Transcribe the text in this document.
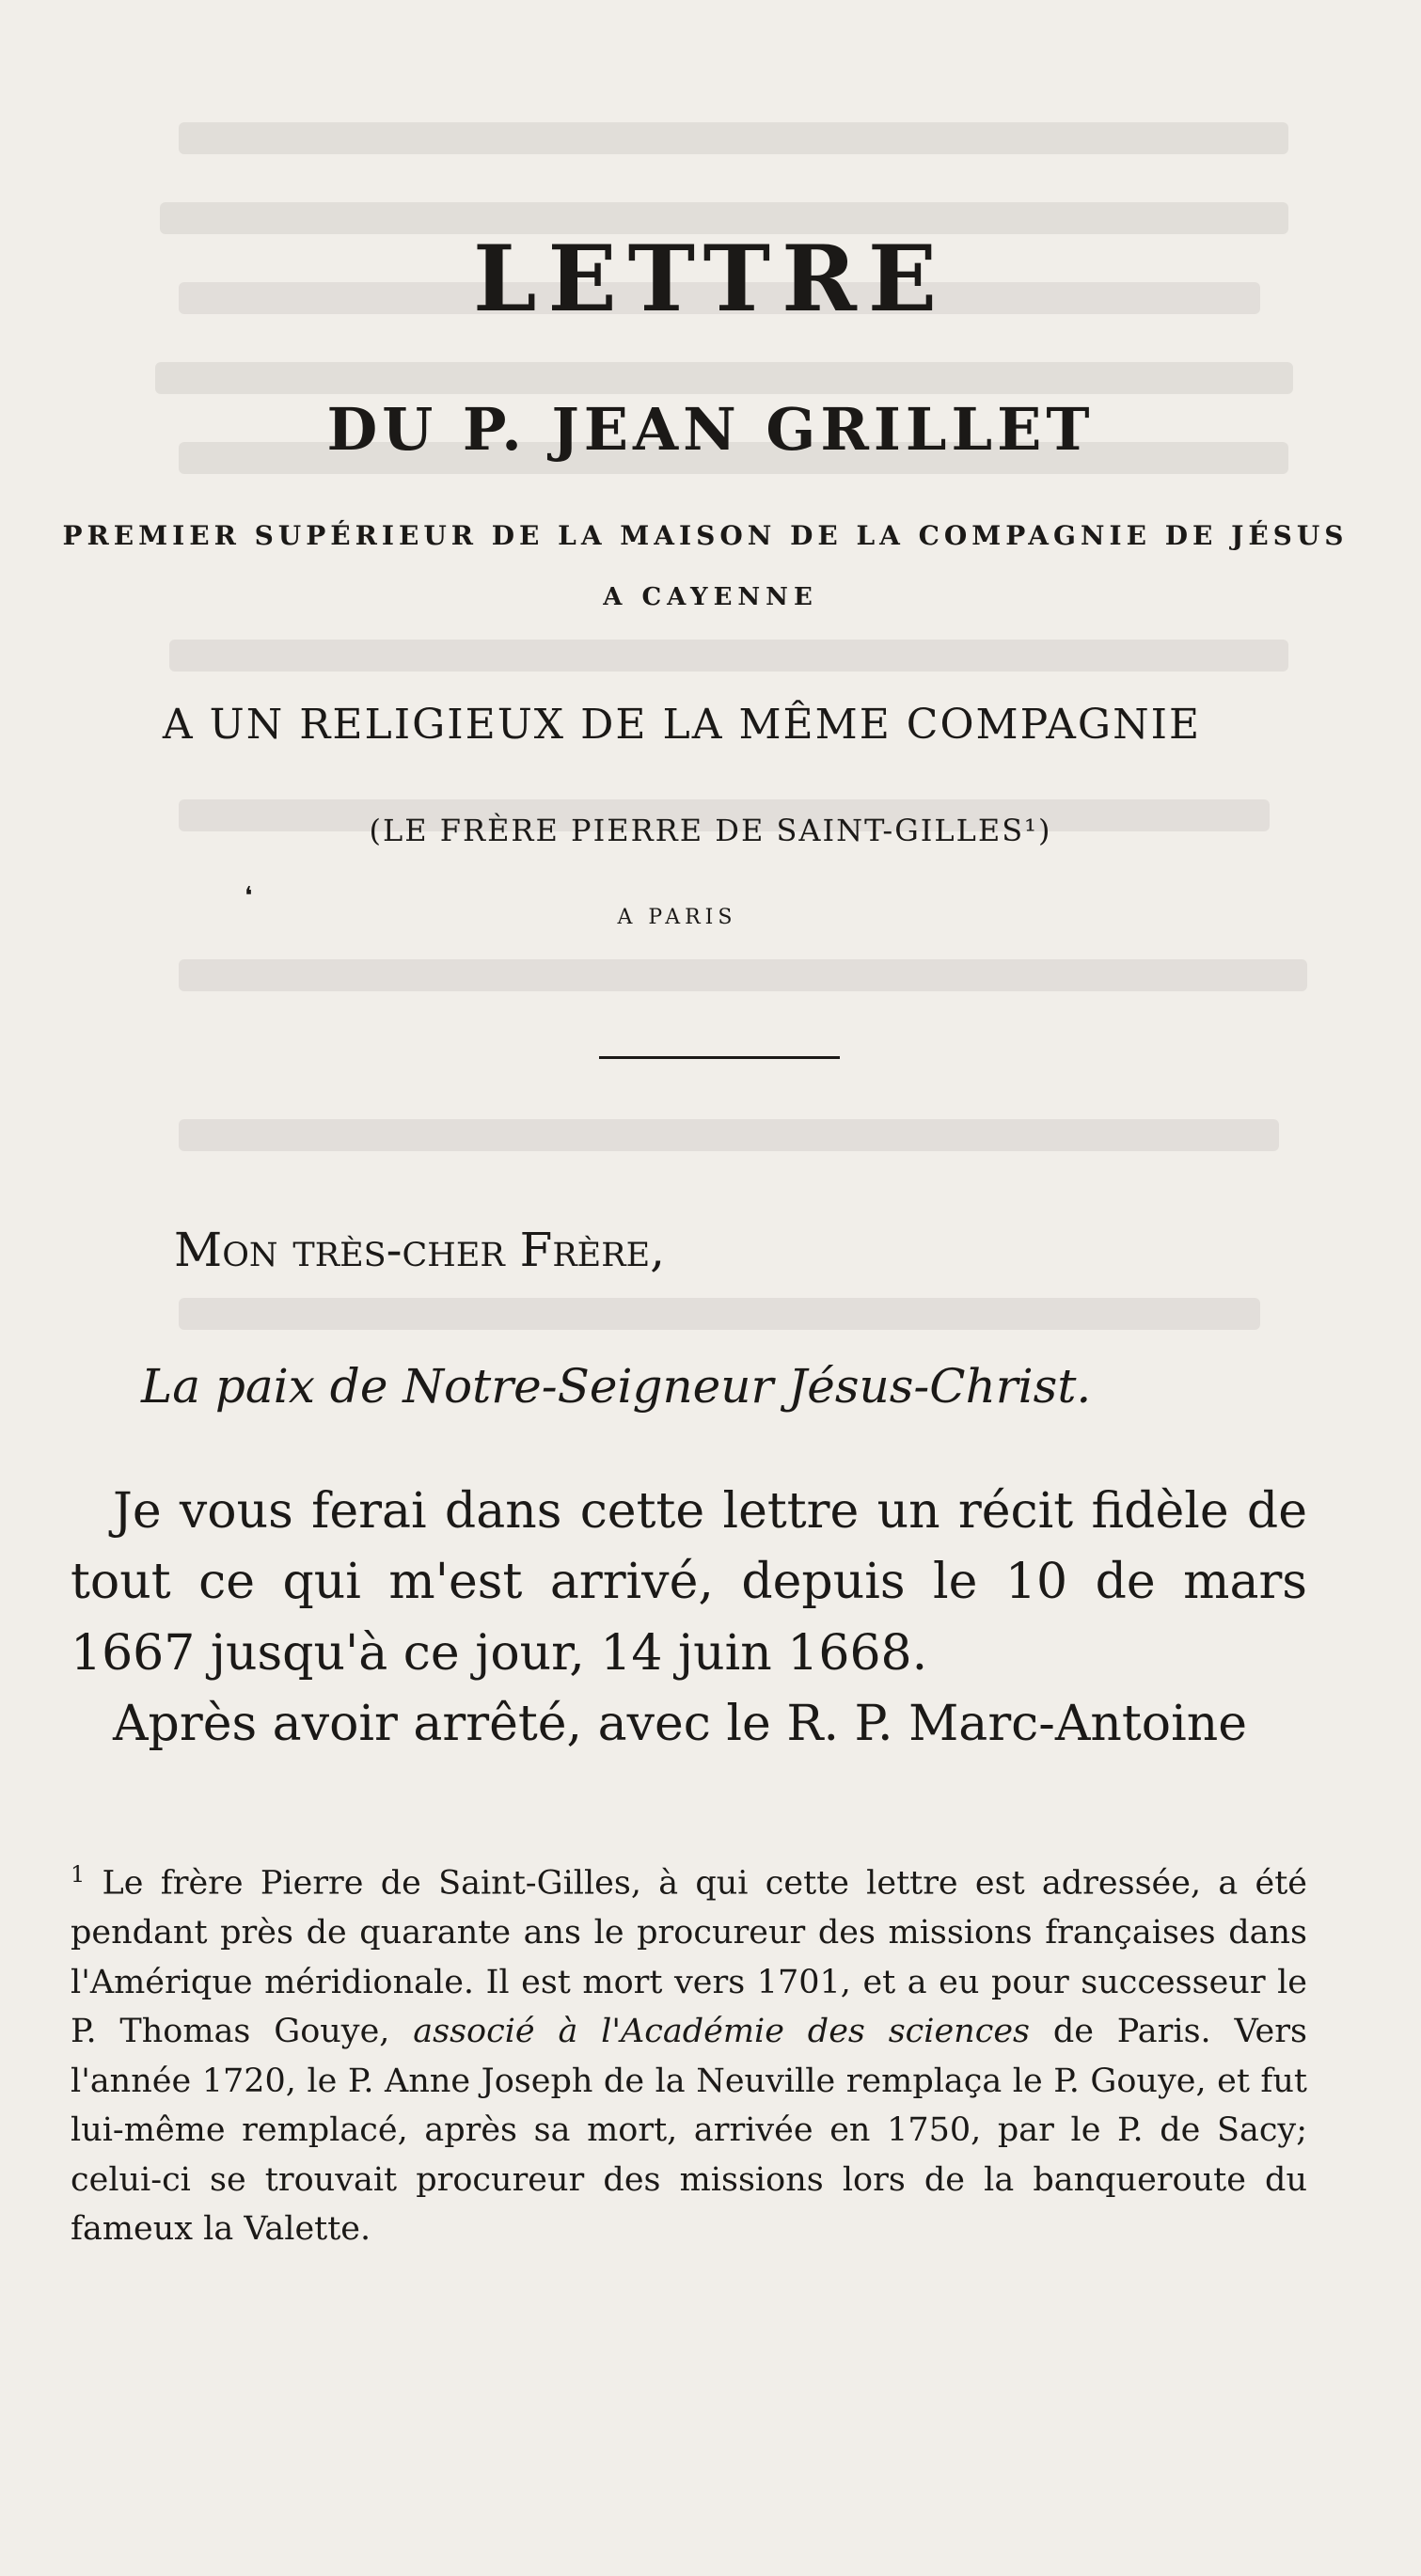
LETTRE
DU P. JEAN GRILLET
PREMIER SUPÉRIEUR DE LA MAISON DE LA COMPAGNIE DE JÉSUS
A CAYENNE
A UN RELIGIEUX DE LA MÊME COMPAGNIE
(LE FRÈRE PIERRE DE SAINT-GILLES¹)
❛
A PARIS
Mon très-cher Frère,
La paix de Notre-Seigneur Jésus-Christ.

Je vous ferai dans cette lettre un récit fidèle de tout ce qui m'est arrivé, depuis le 10 de mars 1667 jusqu'à ce jour, 14 juin 1668.

Après avoir arrêté, avec le R. P. Marc-Antoine

$^1$ Le frère Pierre de Saint-Gilles, à qui cette lettre est adressée, a été pendant près de quarante ans le procureur des missions françaises dans l'Amérique méridionale. Il est mort vers 1701, et a eu pour successeur le P. Thomas Gouye, associé à l'Académie des sciences de Paris. Vers l'année 1720, le P. Anne Joseph de la Neuville remplaça le P. Gouye, et fut lui-même remplacé, après sa mort, arrivée en 1750, par le P. de Sacy; celui-ci se trouvait procureur des missions lors de la banqueroute du fameux la Valette.
